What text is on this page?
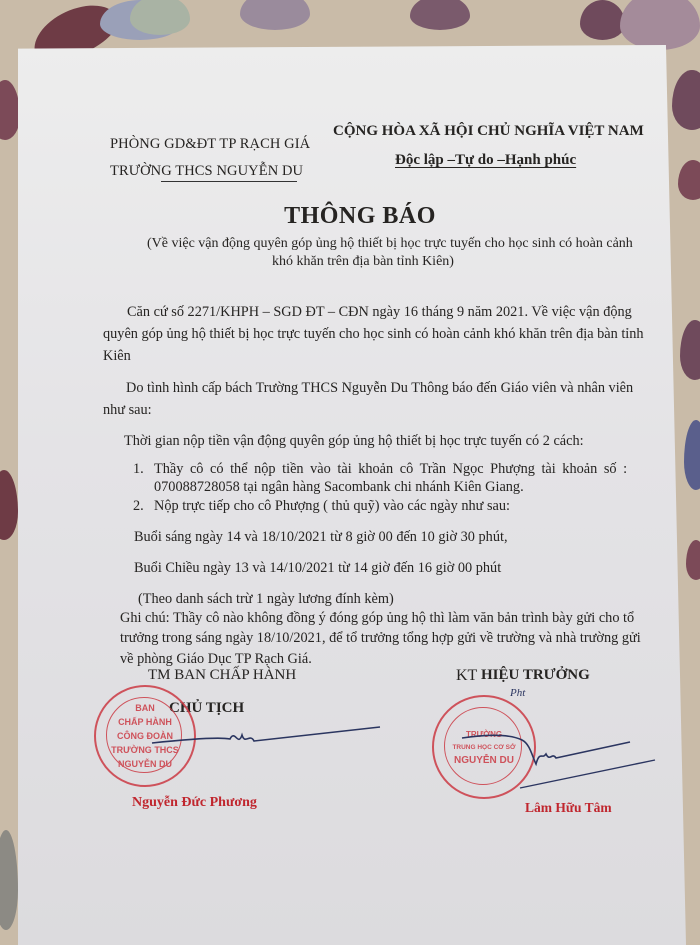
PHÒNG GD&ĐT TP RẠCH GIÁ
TRƯỜNG THCS NGUYỄN DU
CỘNG HÒA XÃ HỘI CHỦ NGHĨA VIỆT NAM
Độc lập –Tự do –Hạnh phúc
THÔNG BÁO
(Về việc vận động quyên góp ủng hộ thiết bị học trực tuyến cho học sinh có hoàn cảnh
khó khăn trên địa bàn tỉnh Kiên)
Căn cứ số 2271/KHPH – SGD ĐT – CĐN ngày 16 tháng 9 năm 2021. Về việc vận động
quyên góp ủng hộ thiết bị học trực tuyến cho học sinh có hoàn cảnh khó khăn trên địa bàn tỉnh
Kiên
Do tình hình cấp bách Trường THCS Nguyễn Du Thông báo đến Giáo viên và nhân viên
như sau:
Thời gian nộp tiền vận động quyên góp ủng hộ thiết bị học trực tuyến có 2 cách:
1. Thầy cô có thể nộp tiền vào tài khoản cô Trần Ngọc Phượng tài khoản số :
070088728058 tại ngân hàng Sacombank chi nhánh Kiên Giang.
2. Nộp trực tiếp cho cô Phượng ( thủ quỹ) vào các ngày như sau:
Buổi sáng ngày 14 và 18/10/2021 từ 8 giờ 00 đến 10 giờ 30 phút,
Buổi Chiều ngày 13 và 14/10/2021 từ 14 giờ đến 16 giờ 00 phút
(Theo danh sách trừ 1 ngày lương đính kèm)
Ghi chú: Thầy cô nào không đồng ý đóng góp ủng hộ thì làm văn bản trình bày gửi cho tổ
trưởng trong sáng ngày 18/10/2021, để tổ trưởng tổng hợp gửi về trường và nhà trường gửi
về phòng Giáo Dục TP Rạch Giá.
TM BAN CHẤP HÀNH
CHỦ TỊCH
BAN
CHẤP HÀNH
CÔNG ĐOÀN
TRƯỜNG THCS
NGUYỄN DU
Nguyễn Đức Phương
KT HIỆU TRƯỞNG
Pht
TRƯỜNG
TRUNG HỌC CƠ SỞ
NGUYỄN DU
Lâm Hữu Tâm
